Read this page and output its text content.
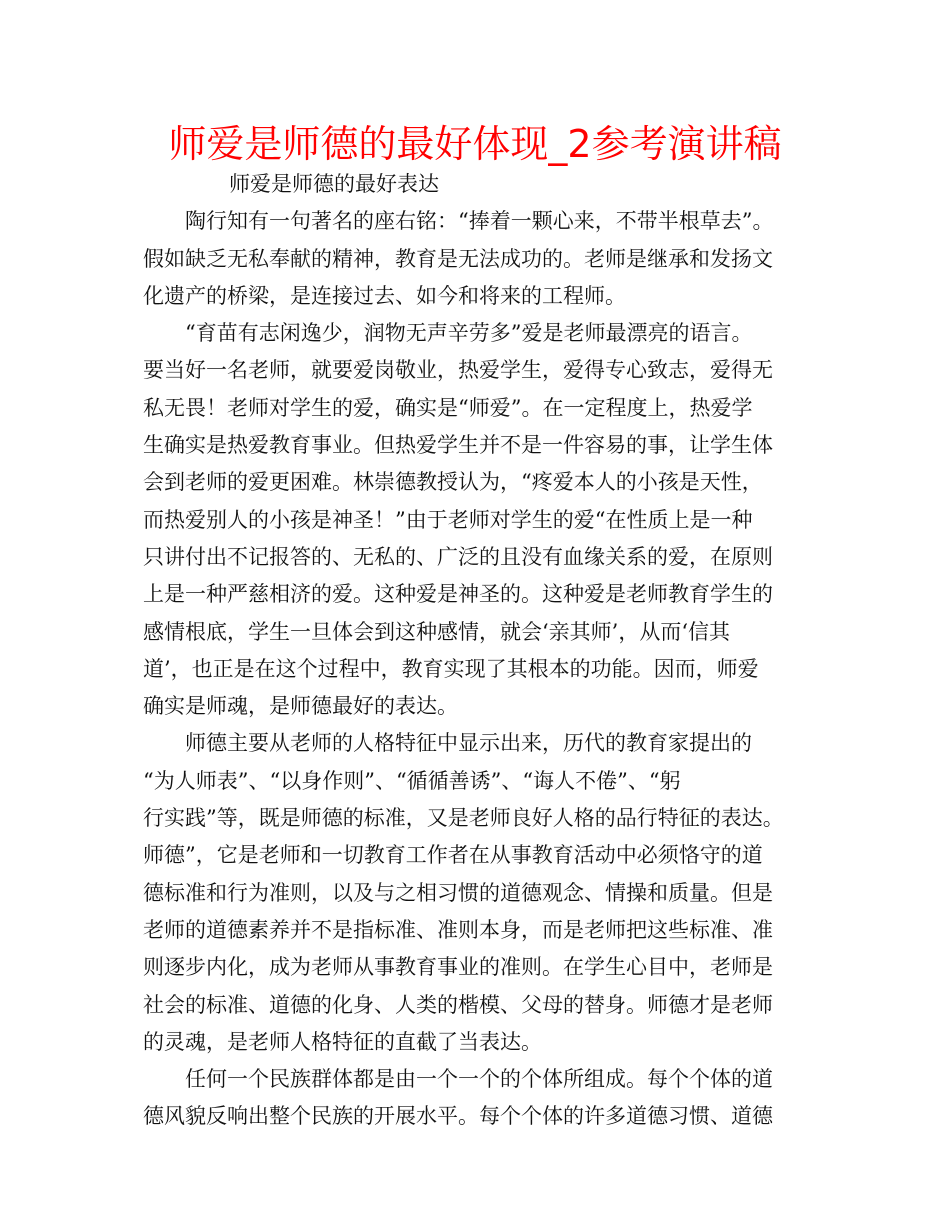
师爱是师德的最好体现_2参考演讲稿
师爱是师德的最好表达
　　陶行知有一句著名的座右铭：“捧着一颗心来，不带半根草去”。
假如缺乏无私奉献的精神，教育是无法成功的。老师是继承和发扬文
化遗产的桥梁，是连接过去、如今和将来的工程师。
　　“育苗有志闲逸少，润物无声辛劳多”爱是老师最漂亮的语言。
要当好一名老师，就要爱岗敬业，热爱学生，爱得专心致志，爱得无
私无畏！老师对学生的爱，确实是“师爱”。在一定程度上，热爱学
生确实是热爱教育事业。但热爱学生并不是一件容易的事，让学生体
会到老师的爱更困难。林崇德教授认为，“疼爱本人的小孩是天性，
而热爱别人的小孩是神圣！”由于老师对学生的爱“在性质上是一种
只讲付出不记报答的、无私的、广泛的且没有血缘关系的爱，在原则
上是一种严慈相济的爱。这种爱是神圣的。这种爱是老师教育学生的
感情根底，学生一旦体会到这种感情，就会‘亲其师’，从而‘信其
道’，也正是在这个过程中，教育实现了其根本的功能。因而，师爱
确实是师魂，是师德最好的表达。
　　师德主要从老师的人格特征中显示出来，历代的教育家提出的
“为人师表”、“以身作则”、“循循善诱”、“诲人不倦”、“躬
行实践”等，既是师德的标准，又是老师良好人格的品行特征的表达。
师德”，它是老师和一切教育工作者在从事教育活动中必须恪守的道
德标准和行为准则，以及与之相习惯的道德观念、情操和质量。但是
老师的道德素养并不是指标准、准则本身，而是老师把这些标准、准
则逐步内化，成为老师从事教育事业的准则。在学生心目中，老师是
社会的标准、道德的化身、人类的楷模、父母的替身。师德才是老师
的灵魂，是老师人格特征的直截了当表达。
　　任何一个民族群体都是由一个一个的个体所组成。每个个体的道
德风貌反响出整个民族的开展水平。每个个体的许多道德习惯、道德
